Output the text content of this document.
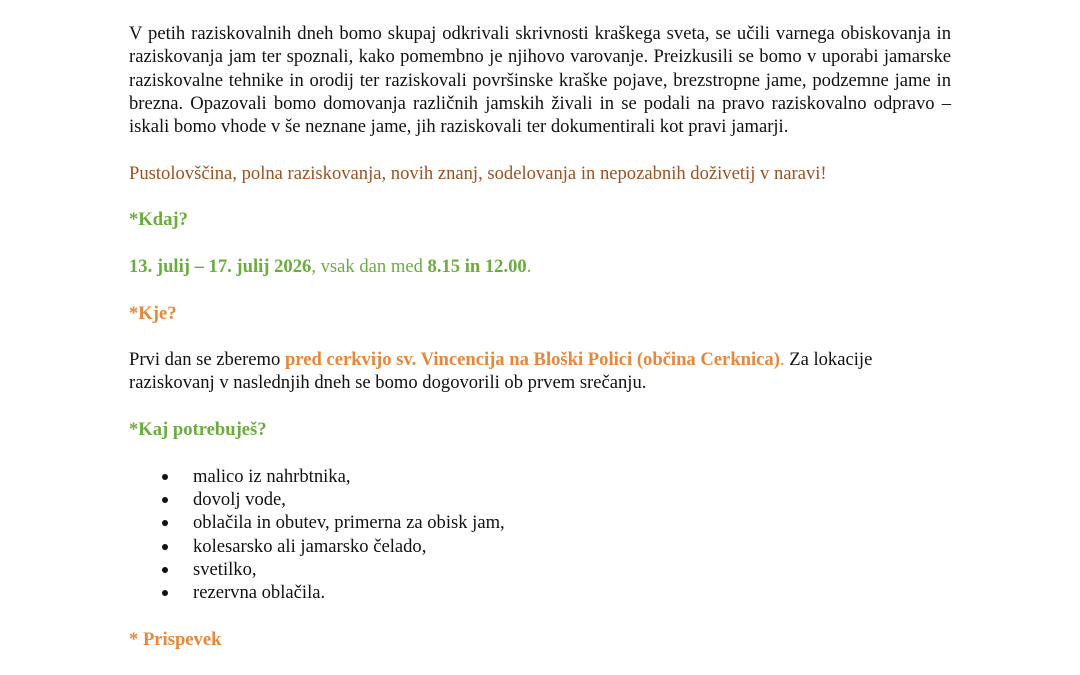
V petih raziskovalnih dneh bomo skupaj odkrivali skrivnosti kraškega sveta, se učili varnega obiskovanja in raziskovanja jam ter spoznali, kako pomembno je njihovo varovanje. Preizkusili se bomo v uporabi jamarske raziskovalne tehnike in orodij ter raziskovali površinske kraške pojave, brezstropne jame, podzemne jame in brezna. Opazovali bomo domovanja različnih jamskih živali in se podali na pravo raziskovalno odpravo – iskali bomo vhode v še neznane jame, jih raziskovali ter dokumentirali kot pravi jamarji.

Pustolovščina, polna raziskovanja, novih znanj, sodelovanja in nepozabnih doživetij v naravi!

*Kdaj?

13. julij – 17. julij 2026, vsak dan med 8.15 in 12.00.

*Kje?

Prvi dan se zberemo pred cerkvijo sv. Vincencija na Bloški Polici (občina Cerknica). Za lokacije raziskovanj v naslednjih dneh se bomo dogovorili ob prvem srečanju.

*Kaj potrebuješ?

malico iz nahrbtnika,
dovolj vode,
oblačila in obutev, primerna za obisk jam,
kolesarsko ali jamarsko čelado,
svetilko,
rezervna oblačila.

* Prispevek
